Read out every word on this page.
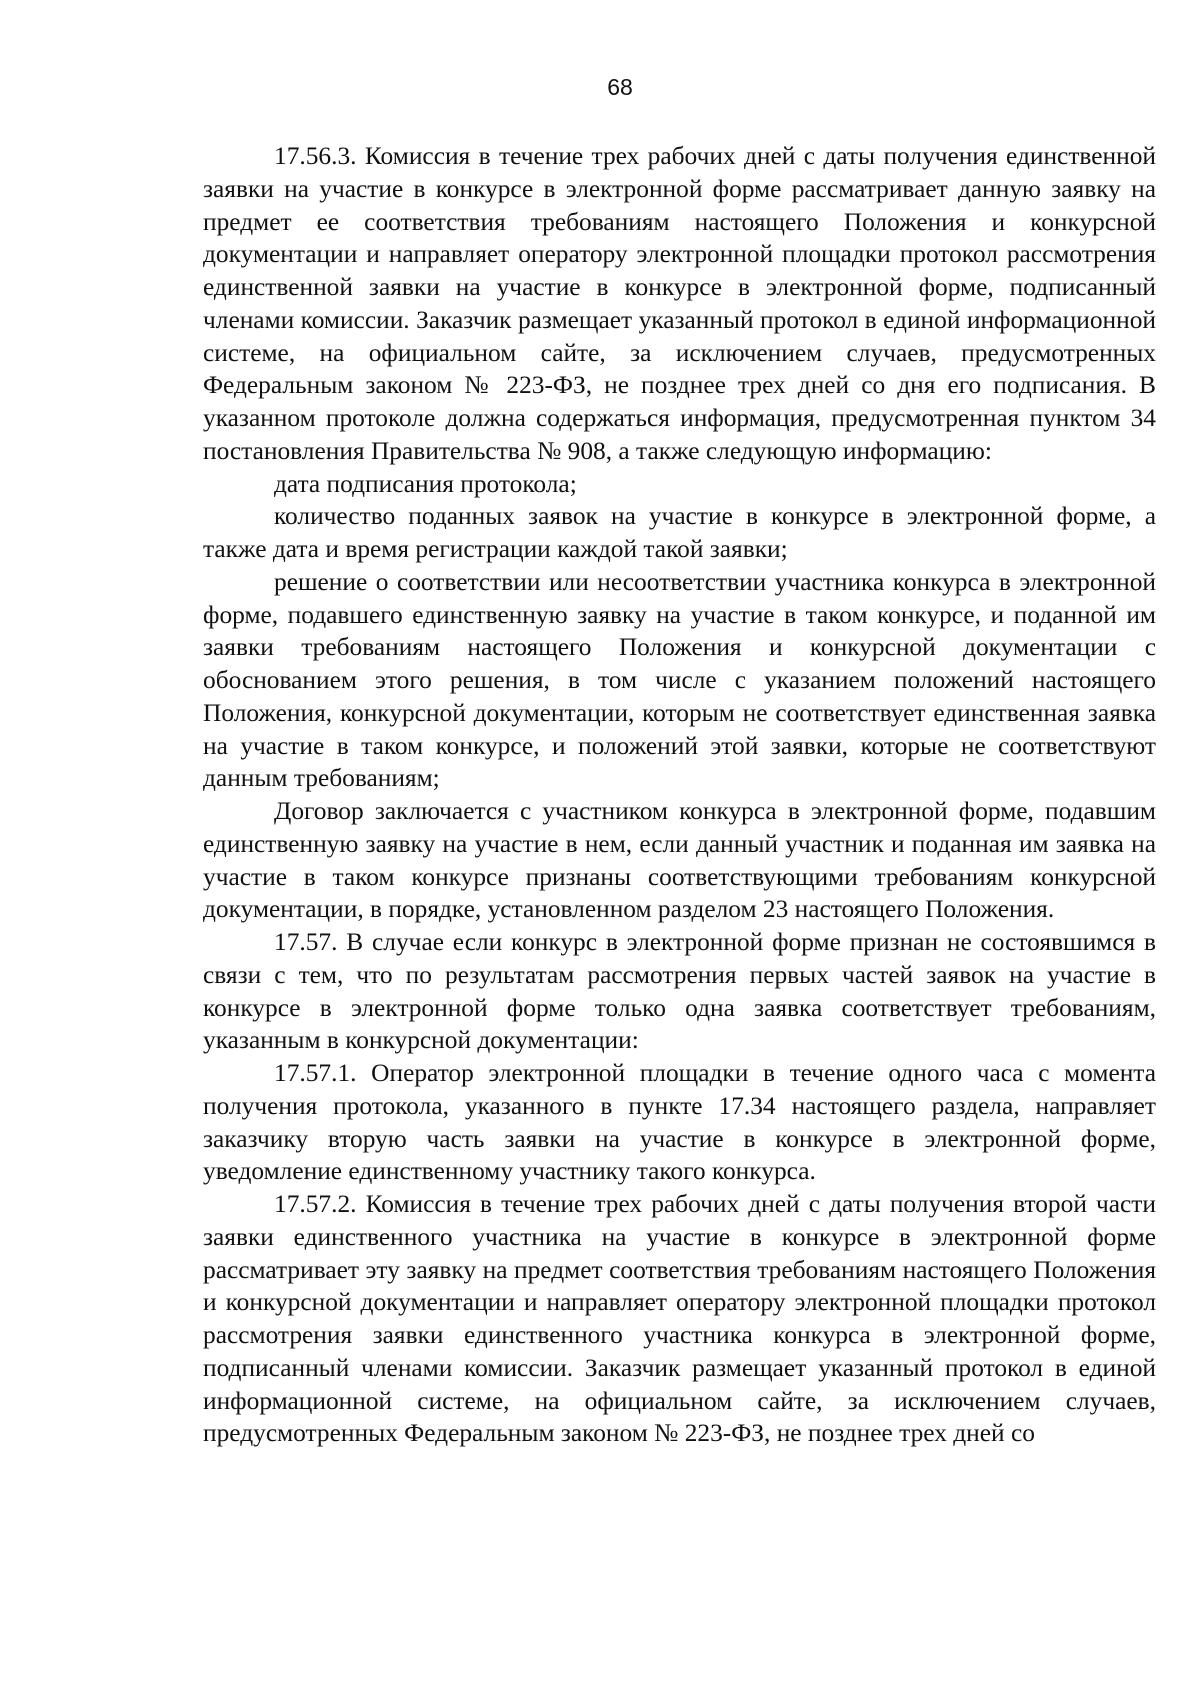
68

17.56.3. Комиссия в течение трех рабочих дней с даты получения единственной заявки на участие в конкурсе в электронной форме рассматривает данную заявку на предмет ее соответствия требованиям настоящего Положения и конкурсной документации и направляет оператору электронной площадки протокол рассмотрения единственной заявки на участие в конкурсе в электронной форме, подписанный членами комиссии. Заказчик размещает указанный протокол в единой информационной системе, на официальном сайте, за исключением случаев, предусмотренных Федеральным законом № 223-ФЗ, не позднее трех дней со дня его подписания. В указанном протоколе должна содержаться информация, предусмотренная пунктом 34 постановления Правительства № 908, а также следующую информацию:

дата подписания протокола;

количество поданных заявок на участие в конкурсе в электронной форме, а также дата и время регистрации каждой такой заявки;

решение о соответствии или несоответствии участника конкурса в электронной форме, подавшего единственную заявку на участие в таком конкурсе, и поданной им заявки требованиям настоящего Положения и конкурсной документации с обоснованием этого решения, в том числе с указанием положений настоящего Положения, конкурсной документации, которым не соответствует единственная заявка на участие в таком конкурсе, и положений этой заявки, которые не соответствуют данным требованиям;

Договор заключается с участником конкурса в электронной форме, подавшим единственную заявку на участие в нем, если данный участник и поданная им заявка на участие в таком конкурсе признаны соответствующими требованиям конкурсной документации, в порядке, установленном разделом 23 настоящего Положения.

17.57. В случае если конкурс в электронной форме признан не состоявшимся в связи с тем, что по результатам рассмотрения первых частей заявок на участие в конкурсе в электронной форме только одна заявка соответствует требованиям, указанным в конкурсной документации:

17.57.1. Оператор электронной площадки в течение одного часа с момента получения протокола, указанного в пункте 17.34 настоящего раздела, направляет заказчику вторую часть заявки на участие в конкурсе в электронной форме, уведомление единственному участнику такого конкурса.

17.57.2. Комиссия в течение трех рабочих дней с даты получения второй части заявки единственного участника на участие в конкурсе в электронной форме рассматривает эту заявку на предмет соответствия требованиям настоящего Положения и конкурсной документации и направляет оператору электронной площадки протокол рассмотрения заявки единственного участника конкурса в электронной форме, подписанный членами комиссии. Заказчик размещает указанный протокол в единой информационной системе, на официальном сайте, за исключением случаев, предусмотренных Федеральным законом № 223-ФЗ, не позднее трех дней со
